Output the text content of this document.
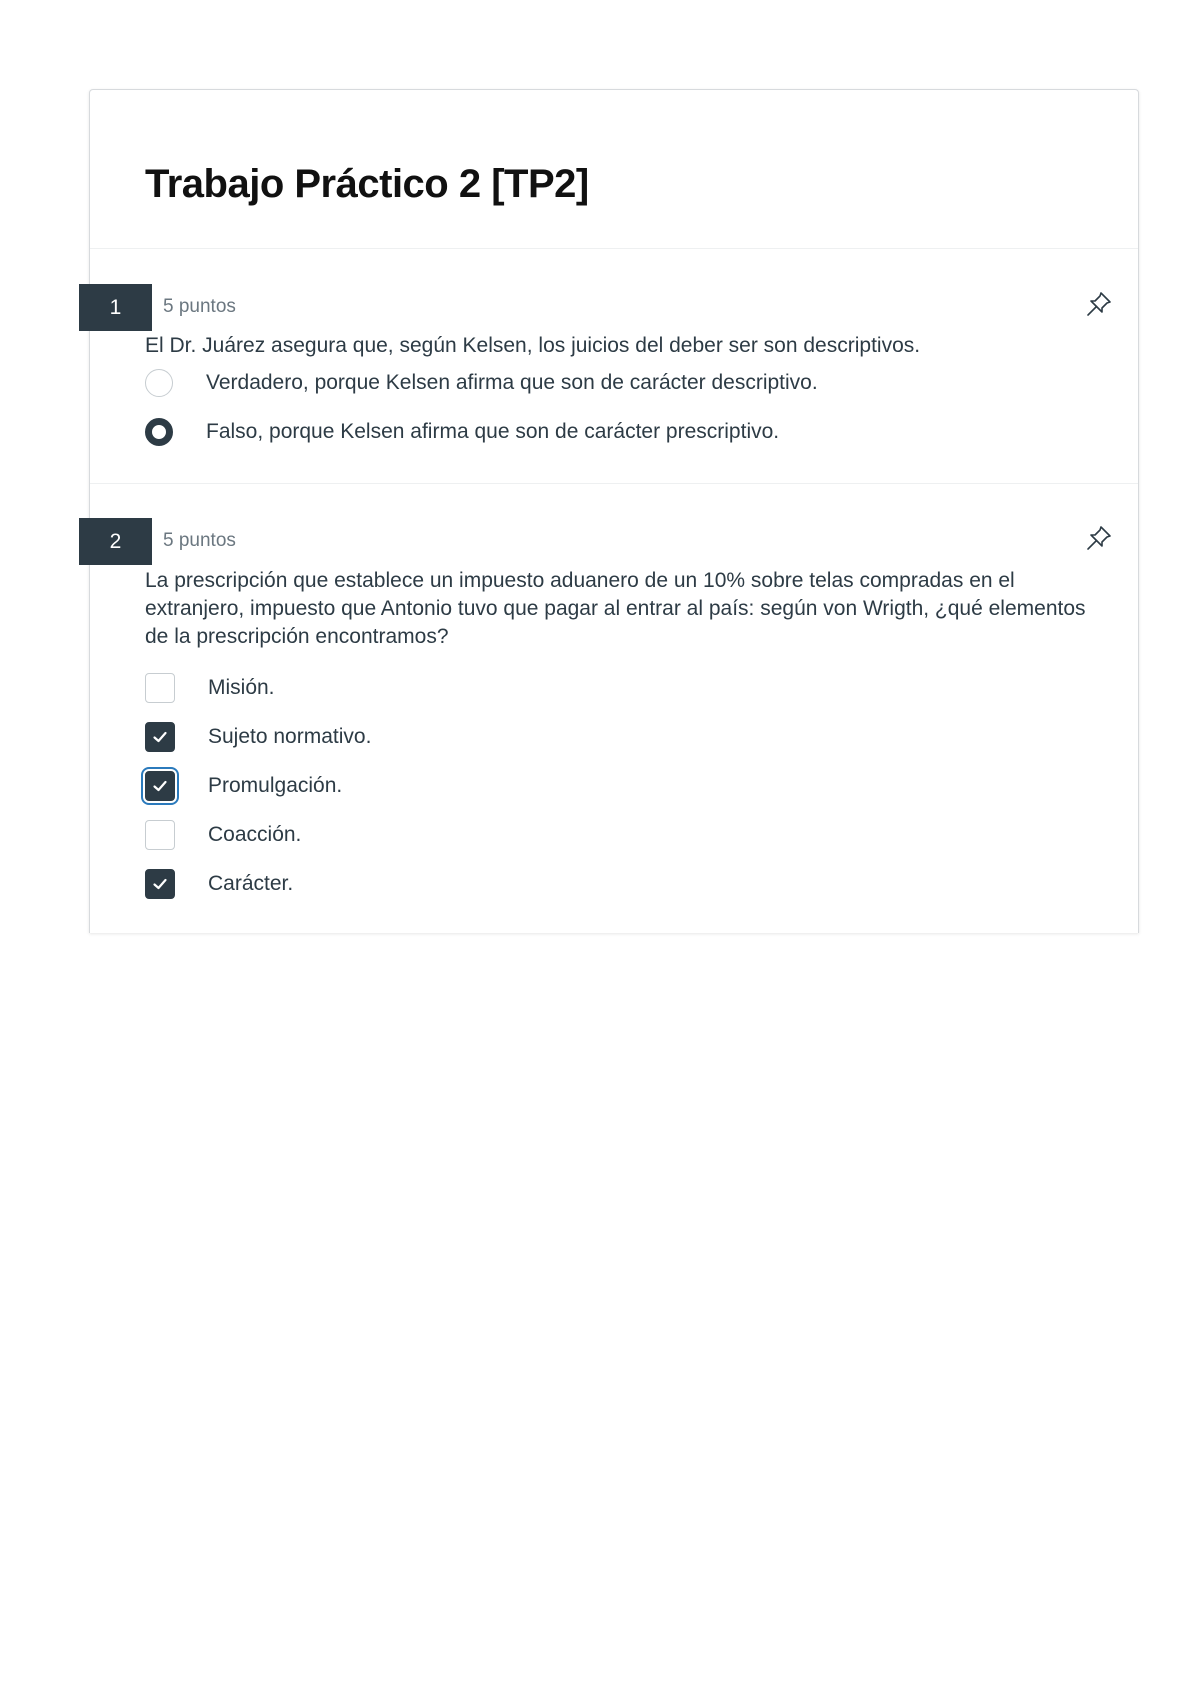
Trabajo Práctico 2 [TP2]
1	5 puntos

El Dr. Juárez asegura que, según Kelsen, los juicios del deber ser son descriptivos.

Verdadero, porque Kelsen afirma que son de carácter descriptivo.
Falso, porque Kelsen afirma que son de carácter prescriptivo.
2	5 puntos

La prescripción que establece un impuesto aduanero de un 10% sobre telas compradas en el extranjero, impuesto que Antonio tuvo que pagar al entrar al país: según von Wrigth, ¿qué elementos de la prescripción encontramos?

Misión.
Sujeto normativo.
Promulgación.
Coacción.
Carácter.
